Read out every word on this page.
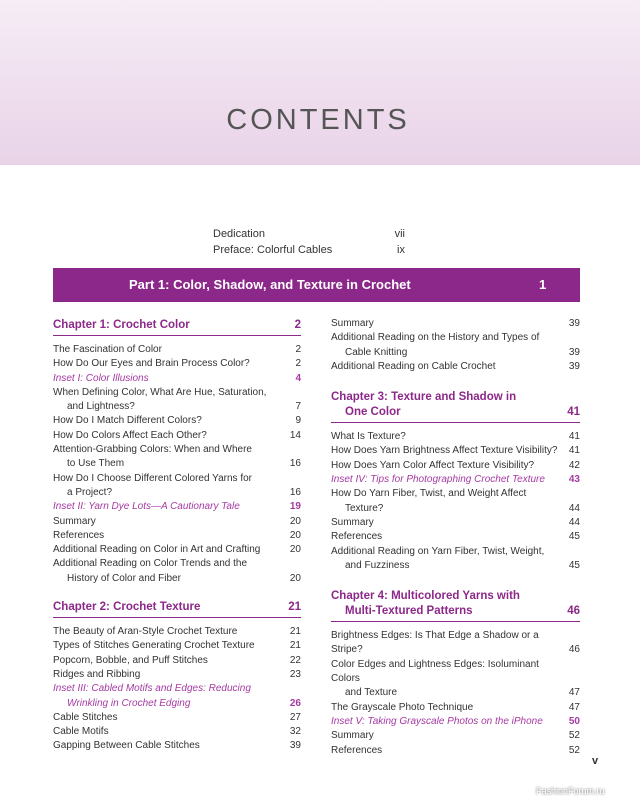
CONTENTS
Dedication	vii
Preface: Colorful Cables	ix
Part 1: Color, Shadow, and Texture in Crochet	1
Chapter 1: Crochet Color	2
The Fascination of Color	2
How Do Our Eyes and Brain Process Color?	2
Inset I: Color Illusions	4
When Defining Color, What Are Hue, Saturation,
and Lightness?	7
How Do I Match Different Colors?	9
How Do Colors Affect Each Other?	14
Attention-Grabbing Colors: When and Where
to Use Them	16
How Do I Choose Different Colored Yarns for
a Project?	16
Inset II: Yarn Dye Lots—A Cautionary Tale	19
Summary	20
References	20
Additional Reading on Color in Art and Crafting	20
Additional Reading on Color Trends and the
History of Color and Fiber	20
Chapter 2: Crochet Texture	21
The Beauty of Aran-Style Crochet Texture	21
Types of Stitches Generating Crochet Texture	21
Popcorn, Bobble, and Puff Stitches	22
Ridges and Ribbing	23
Inset III: Cabled Motifs and Edges: Reducing
Wrinkling in Crochet Edging	26
Cable Stitches	27
Cable Motifs	32
Gapping Between Cable Stitches	39
Summary	39
Additional Reading on the History and Types of
Cable Knitting	39
Additional Reading on Cable Crochet	39
Chapter 3: Texture and Shadow in
One Color	41
What Is Texture?	41
How Does Yarn Brightness Affect Texture Visibility?	41
How Does Yarn Color Affect Texture Visibility?	42
Inset IV: Tips for Photographing Crochet Texture	43
How Do Yarn Fiber, Twist, and Weight Affect
Texture?	44
Summary	44
References	45
Additional Reading on Yarn Fiber, Twist, Weight,
and Fuzziness	45
Chapter 4: Multicolored Yarns with
Multi-Textured Patterns	46
Brightness Edges: Is That Edge a Shadow or a Stripe?	46
Color Edges and Lightness Edges: Isoluminant Colors
and Texture	47
The Grayscale Photo Technique	47
Inset V: Taking Grayscale Photos on the iPhone	50
Summary	52
References	52
v
FashionForum.ru
